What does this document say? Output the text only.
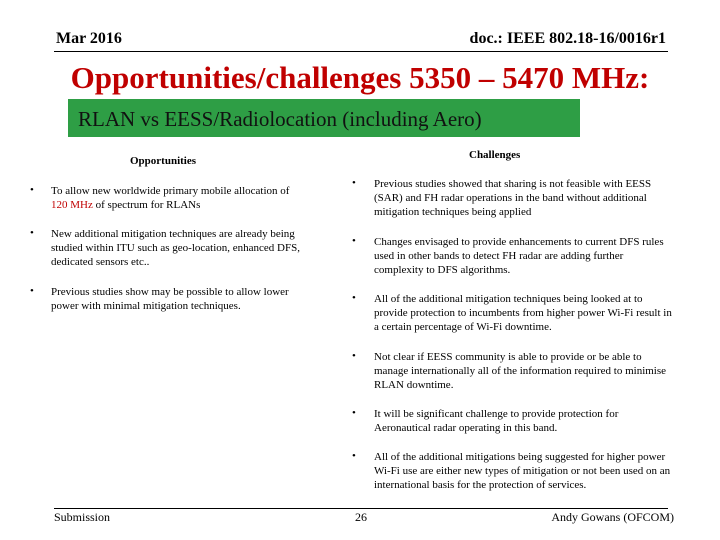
Mar 2016	doc.: IEEE 802.18-16/0016r1
Opportunities/challenges 5350 – 5470 MHz:
RLAN vs EESS/Radiolocation (including Aero)
Opportunities	Challenges
• To allow new worldwide primary mobile allocation of 120 MHz of spectrum for RLANs
• New additional mitigation techniques are already being studied within ITU such as geo-location, enhanced DFS, dedicated sensors etc..
• Previous studies show may be possible to allow lower power with minimal mitigation techniques.
• Previous studies showed that sharing is not feasible with EESS (SAR) and FH radar operations in the band without additional mitigation techniques being applied
• Changes envisaged to provide enhancements to current DFS rules used in other bands to detect FH radar are adding further complexity to DFS algorithms.
• All of the additional mitigation techniques being looked at to provide protection to incumbents from higher power Wi-Fi result in a certain percentage of Wi-Fi downtime.
• Not clear if EESS community is able to provide or be able to manage internationally all of the information required to minimise RLAN downtime.
• It will be significant challenge to provide protection for Aeronautical radar operating in this band.
• All of the additional mitigations being suggested for higher power Wi-Fi use are either new types of mitigation or not been used on an international basis for the protection of services.
Submission	26	Andy Gowans (OFCOM)
